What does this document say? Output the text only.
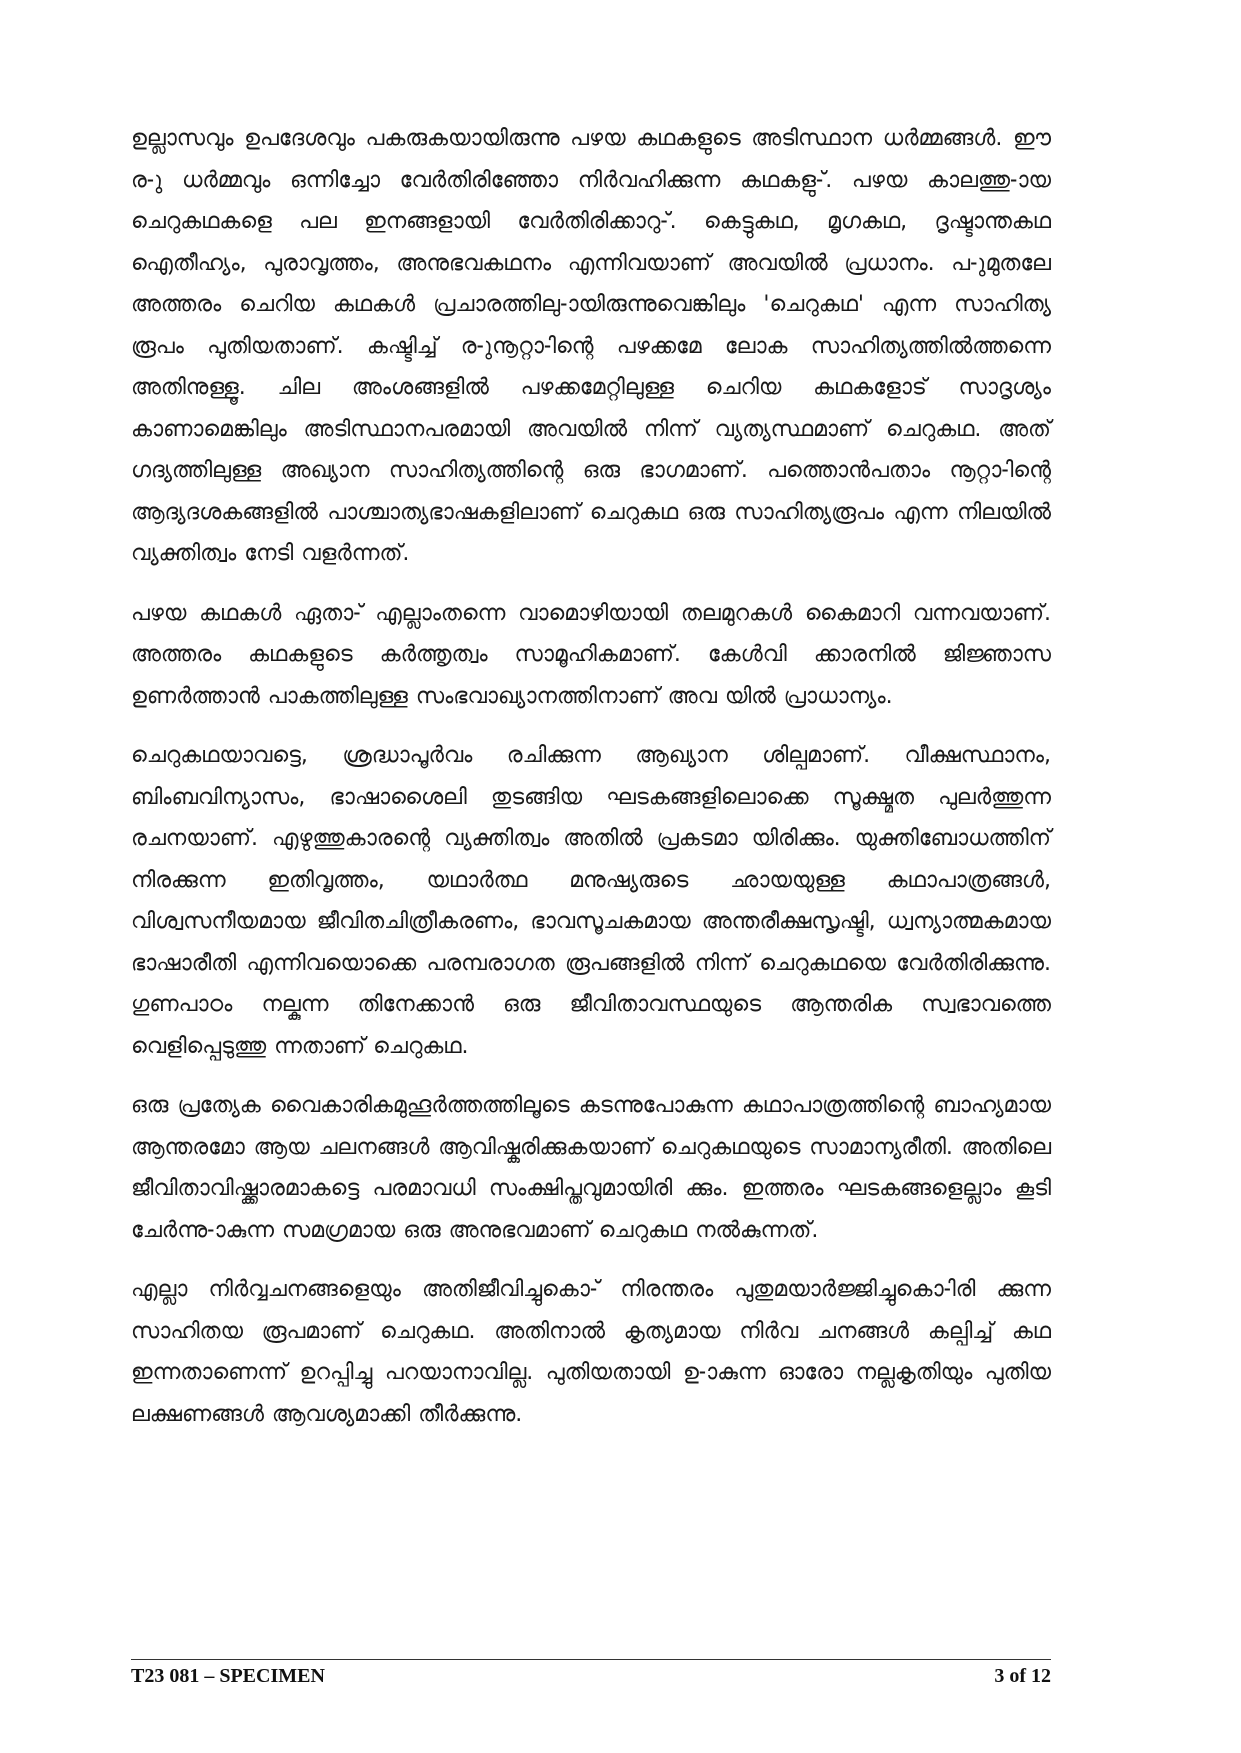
ഉല്ലാസവും ഉപദേശവും പകരുകയായിരുന്നു പഴയ കഥകളുടെ അടിസ്ഥാന ധർമ്മങ്ങൾ. ഈ ര-ു ധർമ്മവും ഒന്നിച്ചോ വേർതിരിഞ്ഞോ നിർവഹിക്കുന്ന കഥകളു-്. പഴയ കാലത്തു-ായ ചെറുകഥകളെ പല ഇനങ്ങളായി വേർതിരിക്കാറു-്. കെട്ടുകഥ, മൃഗകഥ, ദൃഷ്ടാന്തകഥ ഐതീഹ്യം, പുരാവൃത്തം, അനുഭവകഥനം എന്നിവയാണ് അവയിൽ പ്രധാനം. പ-ുമുതലേ അത്തരം ചെറിയ കഥകൾ പ്രചാരത്തിലു-ായിരുന്നുവെങ്കിലും 'ചെറുകഥ' എന്ന സാഹിത്യ രൂപം പുതിയതാണ്. കഷ്ടിച്ച് ര-ുനൂറ്റാ-ിന്റെ പഴക്കമേ ലോക സാഹിത്യത്തിൽത്തന്നെ അതിനുള്ളൂ. ചില അംശങ്ങളിൽ പഴക്കമേറ്റിലുള്ള ചെറിയ കഥകളോട് സാദൃശ്യം കാണാമെങ്കിലും അടിസ്ഥാനപരമായി അവയിൽ നിന്ന് വ്യത്യസ്ഥമാണ് ചെറുകഥ. അത് ഗദ്യത്തിലുള്ള അഖ്യാന സാഹിത്യത്തിന്റെ ഒരു ഭാഗമാണ്. പത്തൊൻപതാം നൂറ്റാ-ിന്റെ ആദ്യദശകങ്ങളിൽ പാശ്ചാത്യഭാഷകളിലാണ് ചെറുകഥ ഒരു സാഹിത്യരൂപം എന്ന നിലയിൽ വ്യക്തിത്വം നേടി വളർന്നത്.

പഴയ കഥകൾ ഏതാ-് എല്ലാംതന്നെ വാമൊഴിയായി തലമുറകൾ കൈമാറി വന്നവയാണ്. അത്തരം കഥകളുടെ കർത്തൃത്വം സാമൂഹികമാണ്. കേൾവി ക്കാരനിൽ ജിജ്ഞാസ ഉണർത്താൻ പാകത്തിലുള്ള സംഭവാഖ്യാനത്തിനാണ് അവ യിൽ പ്രാധാന്യം.

ചെറുകഥയാവട്ടെ, ശ്രദ്ധാപൂർവം രചിക്കുന്ന ആഖ്യാന ശില്പമാണ്. വീക്ഷസ്ഥാനം, ബിംബവിന്യാസം, ഭാഷാശൈലി തുടങ്ങിയ ഘടകങ്ങളിലൊക്കെ സൂക്ഷ്മത പുലർത്തുന്ന രചനയാണ്. എഴുത്തുകാരന്റെ വ്യക്തിത്വം അതിൽ പ്രകടമാ യിരിക്കും. യുക്തിബോധത്തിന് നിരക്കുന്ന ഇതിവൃത്തം, യഥാർത്ഥ മനുഷ്യരുടെ ഛായയുള്ള കഥാപാത്രങ്ങൾ, വിശ്വസനീയമായ ജീവിതചിത്രീകരണം, ഭാവസൂചകമായ അന്തരീക്ഷസൃഷ്ടി, ധ്വന്യാത്മകമായ ഭാഷാരീതി എന്നിവയൊക്കെ പരമ്പരാഗത രൂപങ്ങളിൽ നിന്ന് ചെറുകഥയെ വേർതിരിക്കുന്നു. ഗുണപാഠം നല്കുന്ന തിനേക്കാൻ ഒരു ജീവിതാവസ്ഥയുടെ ആന്തരിക സ്വഭാവത്തെ വെളിപ്പെടുത്തു ന്നതാണ് ചെറുകഥ.

ഒരു പ്രത്യേക വൈകാരികമുഹൂർത്തത്തിലൂടെ കടന്നുപോകുന്ന കഥാപാത്രത്തിന്റെ ബാഹ്യമായ ആന്തരമോ ആയ ചലനങ്ങൾ ആവിഷ്കരിക്കുകയാണ് ചെറുകഥയുടെ സാമാന്യരീതി. അതിലെ ജീവിതാവിഷ്ക്കാരമാകട്ടെ പരമാവധി സംക്ഷിപ്തവുമായിരി ക്കും. ഇത്തരം ഘടകങ്ങളെല്ലാം കൂടി ചേർന്നു-ാകുന്ന സമഗ്രമായ ഒരു അനുഭവമാണ് ചെറുകഥ നൽകുന്നത്.

എല്ലാ നിർവ്വചനങ്ങളെയും അതിജീവിച്ചുകൊ-് നിരന്തരം പുതുമയാർജ്ജിച്ചുകൊ-ിരി ക്കുന്ന സാഹിതയ രൂപമാണ് ചെറുകഥ. അതിനാൽ കൃത്യമായ നിർവ ചനങ്ങൾ കല്പിച്ച് കഥ ഇന്നതാണെന്ന് ഉറപ്പിച്ചു പറയാനാവില്ല. പുതിയതായി ഉ-ാകുന്ന ഓരോ നല്ലകൃതിയും പുതിയ ലക്ഷണങ്ങൾ ആവശ്യമാക്കി തീർക്കുന്നു.

T23 081 – SPECIMEN	3 of 12
